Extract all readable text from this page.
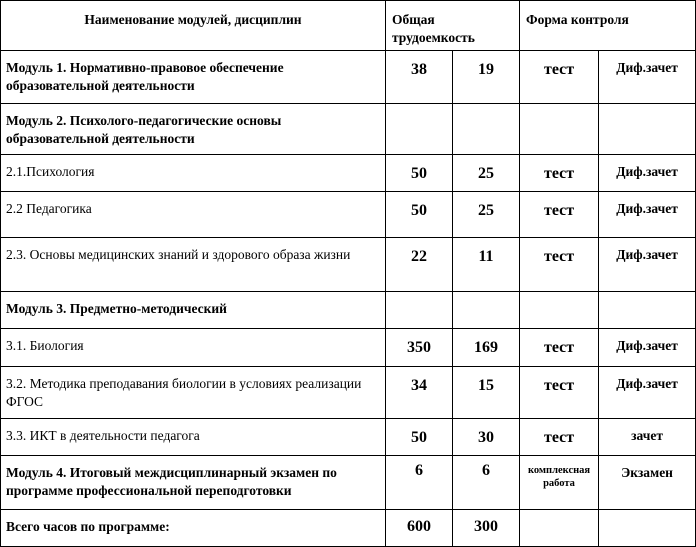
Наименование модулей, дисциплин	Общая трудоемкость		Форма контроля	
Модуль 1. Нормативно-правовое обеспечение образовательной деятельности	38	19	тест	Диф.зачет
Модуль 2. Психолого-педагогические основы образовательной деятельности				
2.1.Психология	50	25	тест	Диф.зачет
2.2 Педагогика	50	25	тест	Диф.зачет
2.3. Основы медицинских знаний и здорового образа жизни	22	11	тест	Диф.зачет
Модуль 3. Предметно-методический				
3.1. Биология	350	169	тест	Диф.зачет
3.2. Методика преподавания биологии в условиях реализации ФГОС	34	15	тест	Диф.зачет
3.3. ИКТ в деятельности педагога	50	30	тест	зачет
Модуль 4. Итоговый междисциплинарный экзамен по программе профессиональной переподготовки	6	6	комплексная работа	Экзамен
Всего часов по программе:	600	300		
